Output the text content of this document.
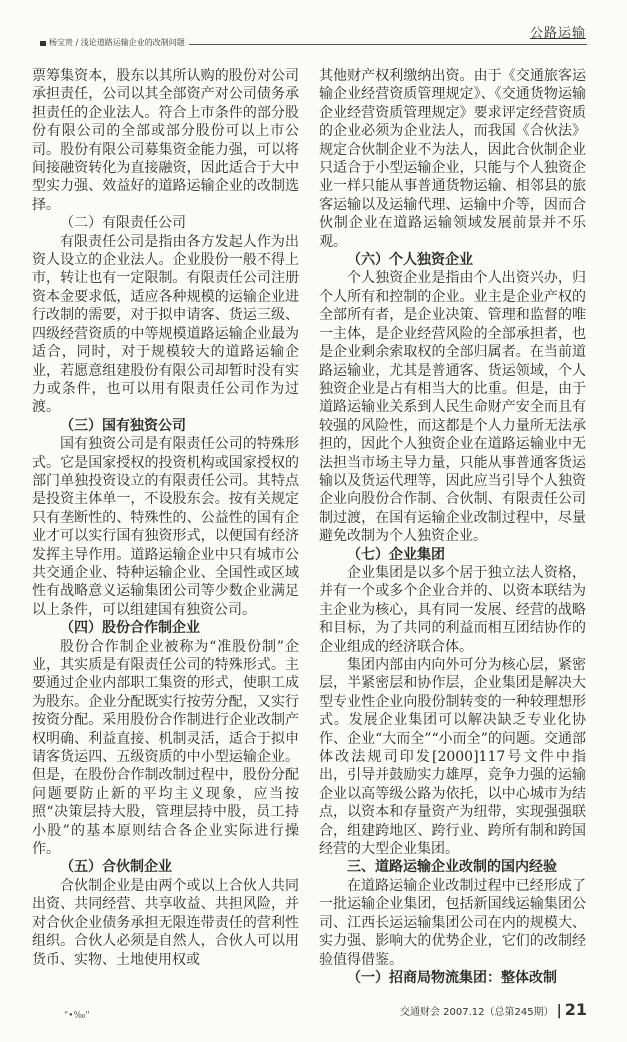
杨宝贵 / 浅论道路运输企业的改制问题
公路运输

票筹集资本，股东以其所认购的股份对公司承担责任，公司以其全部资产对公司债务承担责任的企业法人。符合上市条件的部分股份有限公司的全部或部分股份可以上市公司。股份有限公司募集资金能力强，可以将间接融资转化为直接融资，因此适合于大中型实力强、效益好的道路运输企业的改制选择。

（二）有限责任公司

有限责任公司是指由各方发起人作为出资人设立的企业法人。企业股份一般不得上市，转让也有一定限制。有限责任公司注册资本金要求低，适应各种规模的运输企业进行改制的需要，对于拟申请客、货运三级、四级经营资质的中等规模道路运输企业最为适合，同时，对于规模较大的道路运输企业，若愿意组建股份有限公司却暂时没有实力或条件，也可以用有限责任公司作为过渡。

（三）国有独资公司

国有独资公司是有限责任公司的特殊形式。它是国家授权的投资机构或国家授权的部门单独投资设立的有限责任公司。其特点是投资主体单一，不设股东会。按有关规定只有垄断性的、特殊性的、公益性的国有企业才可以实行国有独资形式，以便国有经济发挥主导作用。道路运输企业中只有城市公共交通企业、特种运输企业、全国性或区域性有战略意义运输集团公司等少数企业满足以上条件，可以组建国有独资公司。

（四）股份合作制企业

股份合作制企业被称为“准股份制”企业，其实质是有限责任公司的特殊形式。主要通过企业内部职工集资的形式，使职工成为股东。企业分配既实行按劳分配，又实行按资分配。采用股份合作制进行企业改制产权明确、利益直接、机制灵活，适合于拟申请客货运四、五级资质的中小型运输企业。但是，在股份合作制改制过程中，股份分配问题要防止新的平均主义现象，应当按照“决策层持大股，管理层持中股，员工持小股”的基本原则结合各企业实际进行操作。

（五）合伙制企业

合伙制企业是由两个或以上合伙人共同出资、共同经营、共享收益、共担风险，并对合伙企业债务承担无限连带责任的营利性组织。合伙人必须是自然人，合伙人可以用货币、实物、土地使用权或

其他财产权利缴纳出资。由于《交通旅客运输企业经营资质管理规定》、《交通货物运输企业经营资质管理规定》要求评定经营资质的企业必须为企业法人，而我国《合伙法》规定合伙制企业不为法人，因此合伙制企业只适合于小型运输企业，只能与个人独资企业一样只能从事普通货物运输、相邻县的旅客运输以及运输代理、运输中介等，因而合伙制企业在道路运输领域发展前景并不乐观。

（六）个人独资企业

个人独资企业是指由个人出资兴办，归个人所有和控制的企业。业主是企业产权的全部所有者，是企业决策、管理和监督的唯一主体，是企业经营风险的全部承担者，也是企业剩余索取权的全部归属者。在当前道路运输业，尤其是普通客、货运领域，个人独资企业是占有相当大的比重。但是，由于道路运输业关系到人民生命财产安全而且有较强的风险性，而这都是个人力量所无法承担的，因此个人独资企业在道路运输业中无法担当市场主导力量，只能从事普通客货运输以及货运代理等，因此应当引导个人独资企业向股份合作制、合伙制、有限责任公司制过渡，在国有运输企业改制过程中，尽量避免改制为个人独资企业。

（七）企业集团

企业集团是以多个居于独立法人资格，并有一个或多个企业合并的、以资本联结为主企业为核心，具有同一发展、经营的战略和目标，为了共同的利益而相互团结协作的企业组成的经济联合体。

集团内部由内向外可分为核心层，紧密层，半紧密层和协作层，企业集团是解决大型专业性企业向股份制转变的一种较理想形式。发展企业集团可以解决缺乏专业化协作、企业“大而全”“小而全”的问题。交通部体改法规司印发[2000]117号文件中指出，引导并鼓励实力雄厚，竞争力强的运输企业以高等级公路为依托，以中心城市为结点，以资本和存量资产为纽带，实现强强联合，组建跨地区、跨行业、跨所有制和跨国经营的大型企业集团。

三、道路运输企业改制的国内经验

在道路运输企业改制过程中已经形成了一批运输企业集团，包括新国线运输集团公司、江西长运运输集团公司在内的规模大、实力强、影响大的优势企业，它们的改制经验值得借鉴。

（一）招商局物流集团：整体改制
"•‰"	交通财会 2007.12（总第245期） | 21
